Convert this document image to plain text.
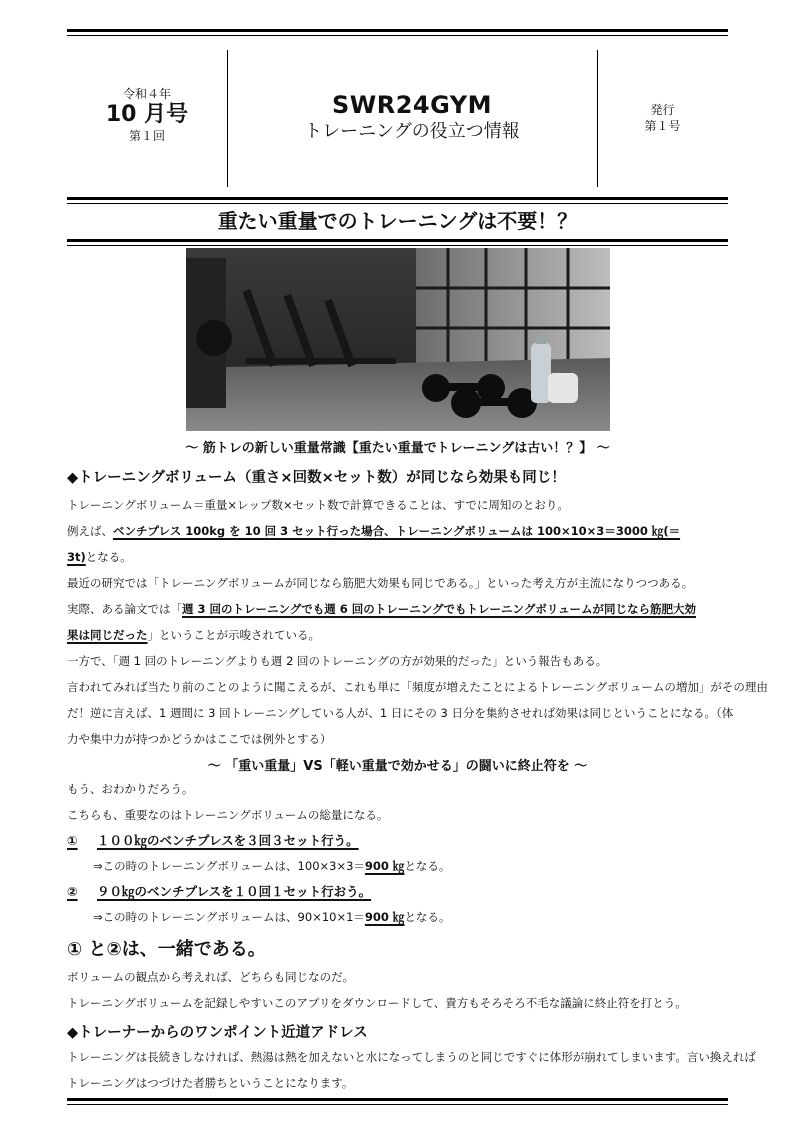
令和４年
10 月号
第１回
SWR24GYM
トレーニングの役立つ情報
発行
第１号
重たい重量でのトレーニングは不要！？
～ 筋トレの新しい重量常識【重たい重量でトレーニングは古い！？】 ～
◆トレーニングボリューム（重さ×回数×セット数）が同じなら効果も同じ！
トレーニングボリューム＝重量×レップ数×セット数で計算できることは、すでに周知のとおり。
例えば、ベンチプレス 100kg を 10 回 3 セット行った場合、トレーニングボリュームは 100×10×3＝3000 ㎏(＝
3t)となる。
最近の研究では「トレーニングボリュームが同じなら筋肥大効果も同じである。」といった考え方が主流になりつつある。
実際、ある論文では「週 3 回のトレーニングでも週 6 回のトレーニングでもトレーニングボリュームが同じなら筋肥大効
果は同じだった」ということが示唆されている。
一方で、「週 1 回のトレーニングよりも週 2 回のトレーニングの方が効果的だった」という報告もある。
言われてみれば当たり前のことのように聞こえるが、これも単に「頻度が増えたことによるトレーニングボリュームの増加」がその理由
だ！逆に言えば、1 週間に 3 回トレーニングしている人が、1 日にその 3 日分を集約させれば効果は同じということになる。（体
力や集中力が持つかどうかはここでは例外とする）
～ 「重い重量」VS「軽い重量で効かせる」の闘いに終止符を ～
もう、おわかりだろう。
こちらも、重要なのはトレーニングボリュームの総量になる。
① １００㎏のベンチプレスを３回３セット行う。
⇒この時のトレーニングボリュームは、100×3×3＝900 ㎏となる。
② ９０㎏のベンチプレスを１０回１セット行おう。
⇒この時のトレーニングボリュームは、90×10×1＝900 ㎏となる。
① と②は、一緒である。
ボリュームの観点から考えれば、どちらも同じなのだ。
トレーニングボリュームを記録しやすいこのアプリをダウンロードして、貴方もそろそろ不毛な議論に終止符を打とう。
◆トレーナーからのワンポイント近道アドレス
トレーニングは長続きしなければ、熱湯は熱を加えないと水になってしまうのと同じですぐに体形が崩れてしまいます。言い換えれば
トレーニングはつづけた者勝ちということになります。
